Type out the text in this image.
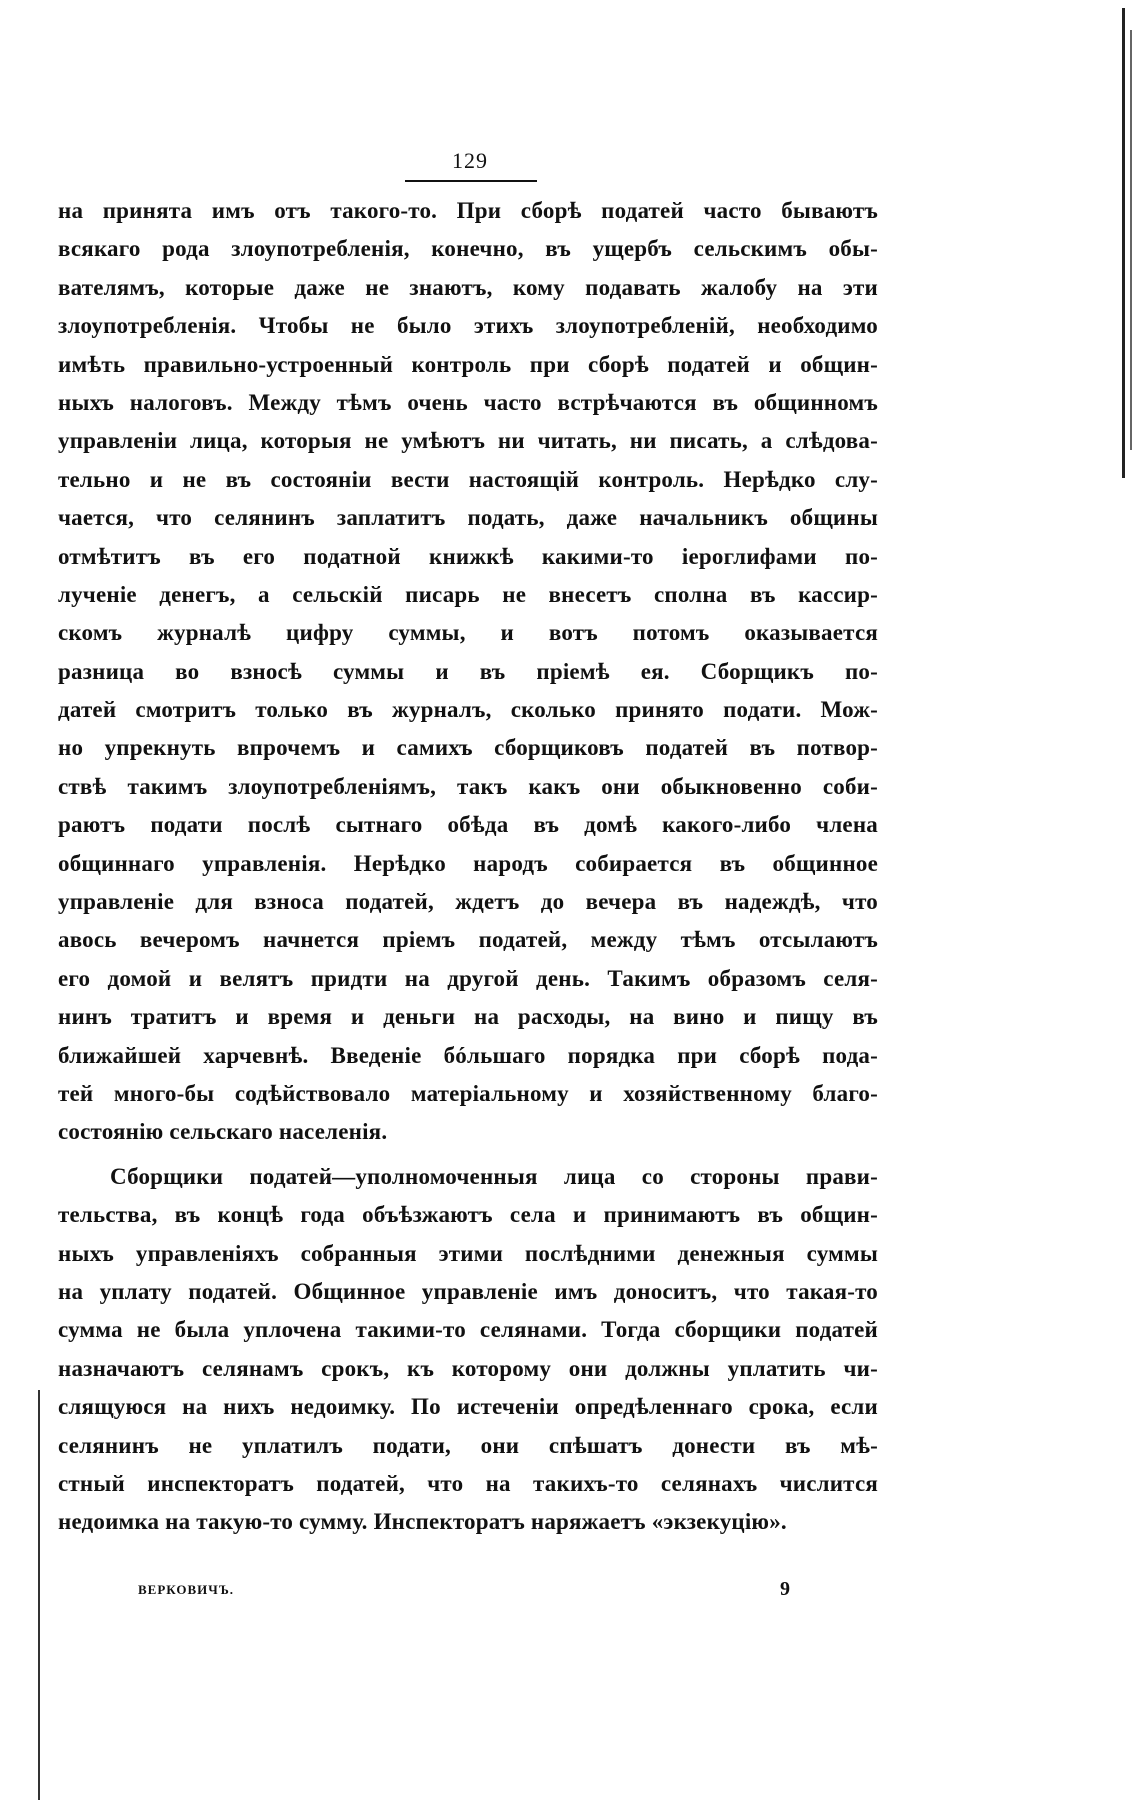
129
на принята имъ отъ такого-то. При сборѣ податей часто бываютъ
всякаго рода злоупотребленія, конечно, въ ущербъ сельскимъ обы-
вателямъ, которые даже не знаютъ, кому подавать жалобу на эти
злоупотребленія. Чтобы не было этихъ злоупотребленій, необходимо
имѣть правильно-устроенный контроль при сборѣ податей и общин-
ныхъ налоговъ. Между тѣмъ очень часто встрѣчаются въ общинномъ
управленіи лица, которыя не умѣютъ ни читать, ни писать, а слѣдова-
тельно и не въ состояніи вести настоящій контроль. Нерѣдко слу-
чается, что селянинъ заплатитъ подать, даже начальникъ общины
отмѣтитъ въ его податной книжкѣ какими-то іероглифами по-
лученіе денегъ, а сельскій писарь не внесетъ сполна въ кассир-
скомъ журналѣ цифру суммы, и вотъ потомъ оказывается
разница во взносѣ суммы и въ пріемѣ ея. Сборщикъ по-
датей смотритъ только въ журналъ, сколько принято подати. Мож-
но упрекнуть впрочемъ и самихъ сборщиковъ податей въ потвор-
ствѣ такимъ злоупотребленіямъ, такъ какъ они обыкновенно соби-
раютъ подати послѣ сытнаго обѣда въ домѣ какого-либо члена
общиннаго управленія. Нерѣдко народъ собирается въ общинное
управленіе для взноса податей, ждетъ до вечера въ надеждѣ, что
авось вечеромъ начнется пріемъ податей, между тѣмъ отсылаютъ
его домой и велятъ придти на другой день. Такимъ образомъ селя-
нинъ тратитъ и время и деньги на расходы, на вино и пищу въ
ближайшей харчевнѣ. Введеніе бóльшаго порядка при сборѣ пода-
тей много-бы содѣйствовало матеріальному и хозяйственному благо-
состоянію сельскаго населенія.
Сборщики податей—уполномоченныя лица со стороны прави-
тельства, въ концѣ года объѣзжаютъ села и принимаютъ въ общин-
ныхъ управленіяхъ собранныя этими послѣдними денежныя суммы
на уплату податей. Общинное управленіе имъ доноситъ, что такая-то
сумма не была уплочена такими-то селянами. Тогда сборщики податей
назначаютъ селянамъ срокъ, къ которому они должны уплатить чи-
слящуюся на нихъ недоимку. По истеченіи опредѣленнаго срока, если
селянинъ не уплатилъ подати, они спѣшатъ донести въ мѣ-
стный инспекторатъ податей, что на такихъ-то селянахъ числится
недоимка на такую-то сумму. Инспекторатъ наряжаетъ «экзекуцію».
ВЕРКОВИЧЪ.	9
